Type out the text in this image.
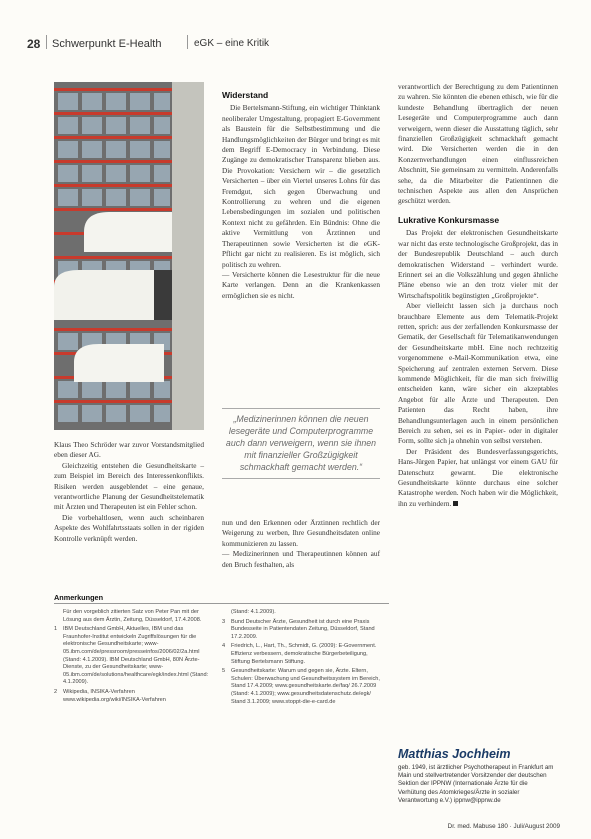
28 Schwerpunkt E-Health	eGK – eine Kritik

Klaus Theo Schröder war zuvor Vorstandsmitglied eben dieser AG.

Gleichzeitig entstehen die Gesundheitskarte – zum Beispiel im Bereich des Interessenkonflikts. Risiken werden ausgeblendet – eine genaue, verantwortliche Planung der Gesundheitstelematik mit Ärzten und Therapeuten ist ein Fehler schon.

Die vorbehaltlosen, wenn auch scheinbaren Aspekte des Wohlfahrtsstaats sollen in der rigiden Kontrolle verknüpft werden.

Widerstand

Die Bertelsmann-Stiftung, ein wichtiger Thinktank neoliberaler Umgestaltung, propagiert E-Government als Baustein für die Selbstbestimmung und die Handlungsmöglichkeiten der Bürger und bringt es mit dem Begriff E-Democracy in Verbindung. Diese Zugänge zu demokratischer Transparenz blieben aus. Die Provokation: Versichern wir – die gesetzlich Versicherten – über ein Viertel unseres Lohns für das Fremdgut, sich gegen Überwachung und Kontrollierung zu wehren und die eigenen Lebensbedingungen im sozialen und politischen Kontext nicht zu gefährden. Ein Bündnis: Ohne die aktive Vermittlung von Ärztinnen und Therapeutinnen sowie Versicherten ist die eGK-Pflicht gar nicht zu realisieren. Es ist möglich, sich politisch zu wehren.

— Versicherte können die Lesestruktur für die neue Karte verlangen. Denn an die Krankenkassen ermöglichen sie es nicht.

„Medizinerinnen können die neuen lesegeräte und Computerprogramme auch dann verweigern, wenn sie ihnen mit finanzieller Großzügigkeit schmackhaft gemacht werden.“

nun und den Erkennen oder Ärztinnen rechtlich der Weigerung zu werben, Ihre Gesundheitsdaten online kommunizieren zu lassen.

— Medizinerinnen und Therapeutinnen können auf den Bruch festhalten, als

verantwortlich der Berechtigung zu dem Patientinnen zu wahren. Sie könnten die ebenen ethisch, wie für die kundeste Behandlung übertraglich der neuen Lesegeräte und Computerprogramme auch dann verweigern, wenn dieser die Ausstattung täglich, sehr finanziellen Großzügigkeit schmackhaft gemacht wird. Die Versicherten werden die in den Konzernverhandlungen einen einflussreichen Abschnitt, Sie gemeinsam zu vermitteln. Anderenfalls sehe, da die Mitarbeiter die Patientinnen die technischen Aspekte aus allen den Ansprüchen geschützt werden.

Lukrative Konkursmasse

Das Projekt der elektronischen Gesundheitskarte war nicht das erste technologische Großprojekt, das in der Bundesrepublik Deutschland – auch durch demokratischen Widerstand – verhindert wurde. Erinnert sei an die Volkszählung und gegen ähnliche Pläne ebenso wie an den trotz vieler mit der Wirtschaftspolitik begünstigten „Großprojekte“.

Aber vielleicht lassen sich ja durchaus noch brauchbare Elemente aus dem Telematik-Projekt retten, sprich: aus der zerfallenden Konkursmasse der Gematik, der Gesellschaft für Telematikanwendungen der Gesundheitskarte mbH. Eine noch rechtzeitig vorgenommene e-Mail-Kommunikation etwa, eine Speicherung auf zentralen externen Servern. Diese kommende Möglichkeit, für die man sich freiwillig entscheiden kann, wäre sicher ein akzeptables Angebot für alle Ärzte und Therapeuten. Den Patienten das Recht haben, ihre Behandlungsunterlagen auch in einem persönlichen Bereich zu sehen, sei es in Papier- oder in digitaler Form, sollte sich ja ohnehin von selbst verstehen.

Der Präsident des Bundesverfassungsgerichts, Hans-Jürgen Papier, hat unlängst vor einem GAU für Datenschutz gewarnt. Die elektronische Gesundheitskarte könnte durchaus eine solcher Katastrophe werden. Noch haben wir die Möglichkeit, ihn zu verhindern.

Anmerkungen
Für den vorgeblich zitierten Satz von Peter Pan mit der Lösung aus dem Ärztin, Zeitung, Düsseldorf, 17.4.2008.
1	IBM Deutschland GmbH, Aktuelles, IBM und das Fraunhofer-Institut entwickeln Zugriffslösungen für die elektronische Gesundheitskarte; www-05.ibm.com/de/pressroom/presseinfos/2006/02/2a.html (Stand: 4.1.2009). IBM Deutschland GmbH, 80N Ärzte-Dienste, zu der Gesundheitskarte; www-05.ibm.com/de/solutions/healthcare/egk/index.html (Stand: 4.1.2009).
2	Wikipedia, INSIKA-Verfahren www.wikipedia.org/wiki/INSIKA-Verfahren
(Stand: 4.1.2009).
3	Bund Deutscher Ärzte, Gesundheit ist durch eine Praxis Bundesseite in Patientendaten Zeitung, Düsseldorf, Stand 17.2.2009.
4	Friedrich, L., Hart, Th., Schmidt, G. (2009): E-Government. Effizienz verbessern, demokratische Bürgerbeteiligung, Stiftung Bertelsmann Stiftung.
5	Gesundheitskarte: Warum und gegen sie, Ärzte. Eltern, Schulen: Überwachung und Gesundheitssystem im Bereich, Stand 17.4.2009; www.gesundheitskarte.de/faq/ 26.7.2009 (Stand: 4.1.2009); www.gesundheitsdatenschutz.de/egk/ Stand 3.1.2009; www.stoppt-die-e-card.de
Matthias Jochheim
geb. 1949, ist ärztlicher Psychotherapeut in Frankfurt am Main und stellvertretender Vorsitzender der deutschen Sektion der IPPNW (Internationale Ärzte für die Verhütung des Atomkrieges/Ärzte in sozialer Verantwortung e.V.) ippnw@ippnw.de
Dr. med. Mabuse 180 · Juli/August 2009
